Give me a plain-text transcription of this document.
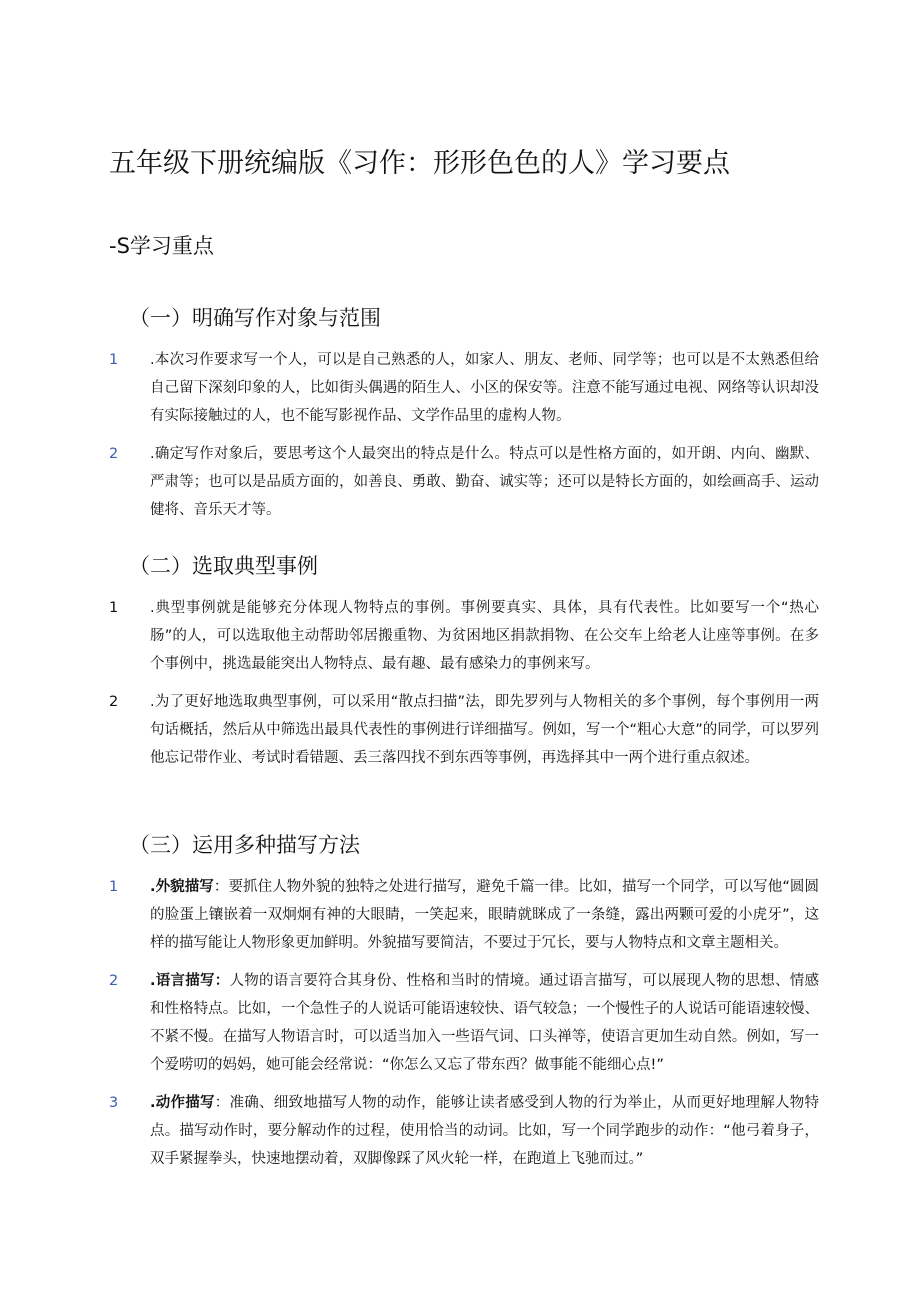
五年级下册统编版《习作：形形色色的人》学习要点
-S学习重点
（一）明确写作对象与范围
1 .本次习作要求写一个人，可以是自己熟悉的人，如家人、朋友、老师、同学等；也可以是不太熟悉但给自己留下深刻印象的人，比如街头偶遇的陌生人、小区的保安等。注意不能写通过电视、网络等认识却没有实际接触过的人，也不能写影视作品、文学作品里的虚构人物。
2 .确定写作对象后，要思考这个人最突出的特点是什么。特点可以是性格方面的，如开朗、内向、幽默、严肃等；也可以是品质方面的，如善良、勇敢、勤奋、诚实等；还可以是特长方面的，如绘画高手、运动健将、音乐天才等。
（二）选取典型事例
1 .典型事例就是能够充分体现人物特点的事例。事例要真实、具体，具有代表性。比如要写一个“热心肠”的人，可以选取他主动帮助邻居搬重物、为贫困地区捐款捐物、在公交车上给老人让座等事例。在多个事例中，挑选最能突出人物特点、最有趣、最有感染力的事例来写。
2 .为了更好地选取典型事例，可以采用“散点扫描”法，即先罗列与人物相关的多个事例，每个事例用一两句话概括，然后从中筛选出最具代表性的事例进行详细描写。例如，写一个“粗心大意”的同学，可以罗列他忘记带作业、考试时看错题、丢三落四找不到东西等事例，再选择其中一两个进行重点叙述。
（三）运用多种描写方法
1 .外貌描写：要抓住人物外貌的独特之处进行描写，避免千篇一律。比如，描写一个同学，可以写他“圆圆的脸蛋上镶嵌着一双炯炯有神的大眼睛，一笑起来，眼睛就眯成了一条缝，露出两颗可爱的小虎牙”，这样的描写能让人物形象更加鲜明。外貌描写要简洁，不要过于冗长，要与人物特点和文章主题相关。
2 .语言描写：人物的语言要符合其身份、性格和当时的情境。通过语言描写，可以展现人物的思想、情感和性格特点。比如，一个急性子的人说话可能语速较快、语气较急；一个慢性子的人说话可能语速较慢、不紧不慢。在描写人物语言时，可以适当加入一些语气词、口头禅等，使语言更加生动自然。例如，写一个爱唠叨的妈妈，她可能会经常说：“你怎么又忘了带东西？做事能不能细心点!”
3 .动作描写：准确、细致地描写人物的动作，能够让读者感受到人物的行为举止，从而更好地理解人物特点。描写动作时，要分解动作的过程，使用恰当的动词。比如，写一个同学跑步的动作：“他弓着身子，双手紧握拳头，快速地摆动着，双脚像踩了风火轮一样，在跑道上飞驰而过。”
